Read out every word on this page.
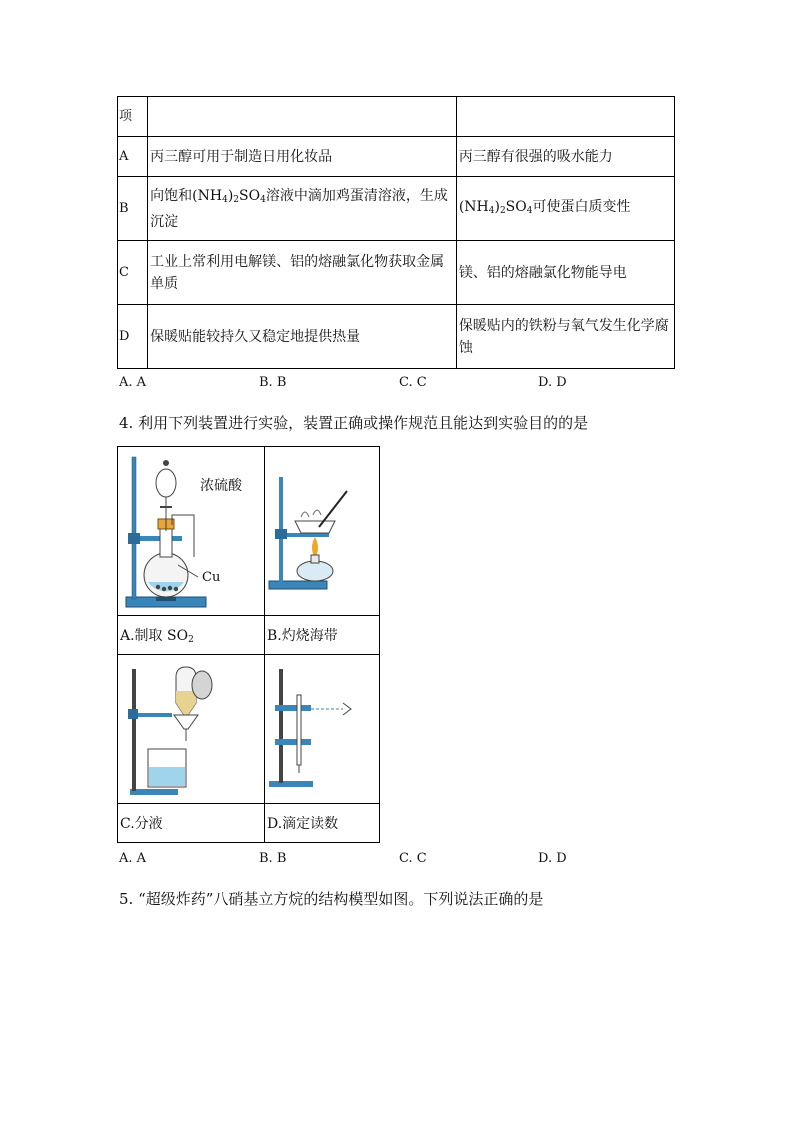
项		
A	丙三醇可用于制造日用化妆品	丙三醇有很强的吸水能力
B	向饱和$(NH_4)_2SO_4$溶液中滴加鸡蛋清溶液，生成沉淀	$(NH_4)_2SO_4$可使蛋白质变性
C	工业上常利用电解镁、铝的熔融氯化物获取金属单质	镁、铝的熔融氯化物能导电
D	保暖贴能较持久又稳定地提供热量	保暖贴内的铁粉与氧气发生化学腐蚀
A. A	B. B	C. C	D. D
4. 利用下列装置进行实验，装置正确或操作规范且能达到实验目的的是
浓硫酸
Cu

A.制取 $SO_2$	B.灼烧海带

C.分液	D.滴定读数
A. A	B. B	C. C	D. D
5. “超级炸药”八硝基立方烷的结构模型如图。下列说法正确的是
